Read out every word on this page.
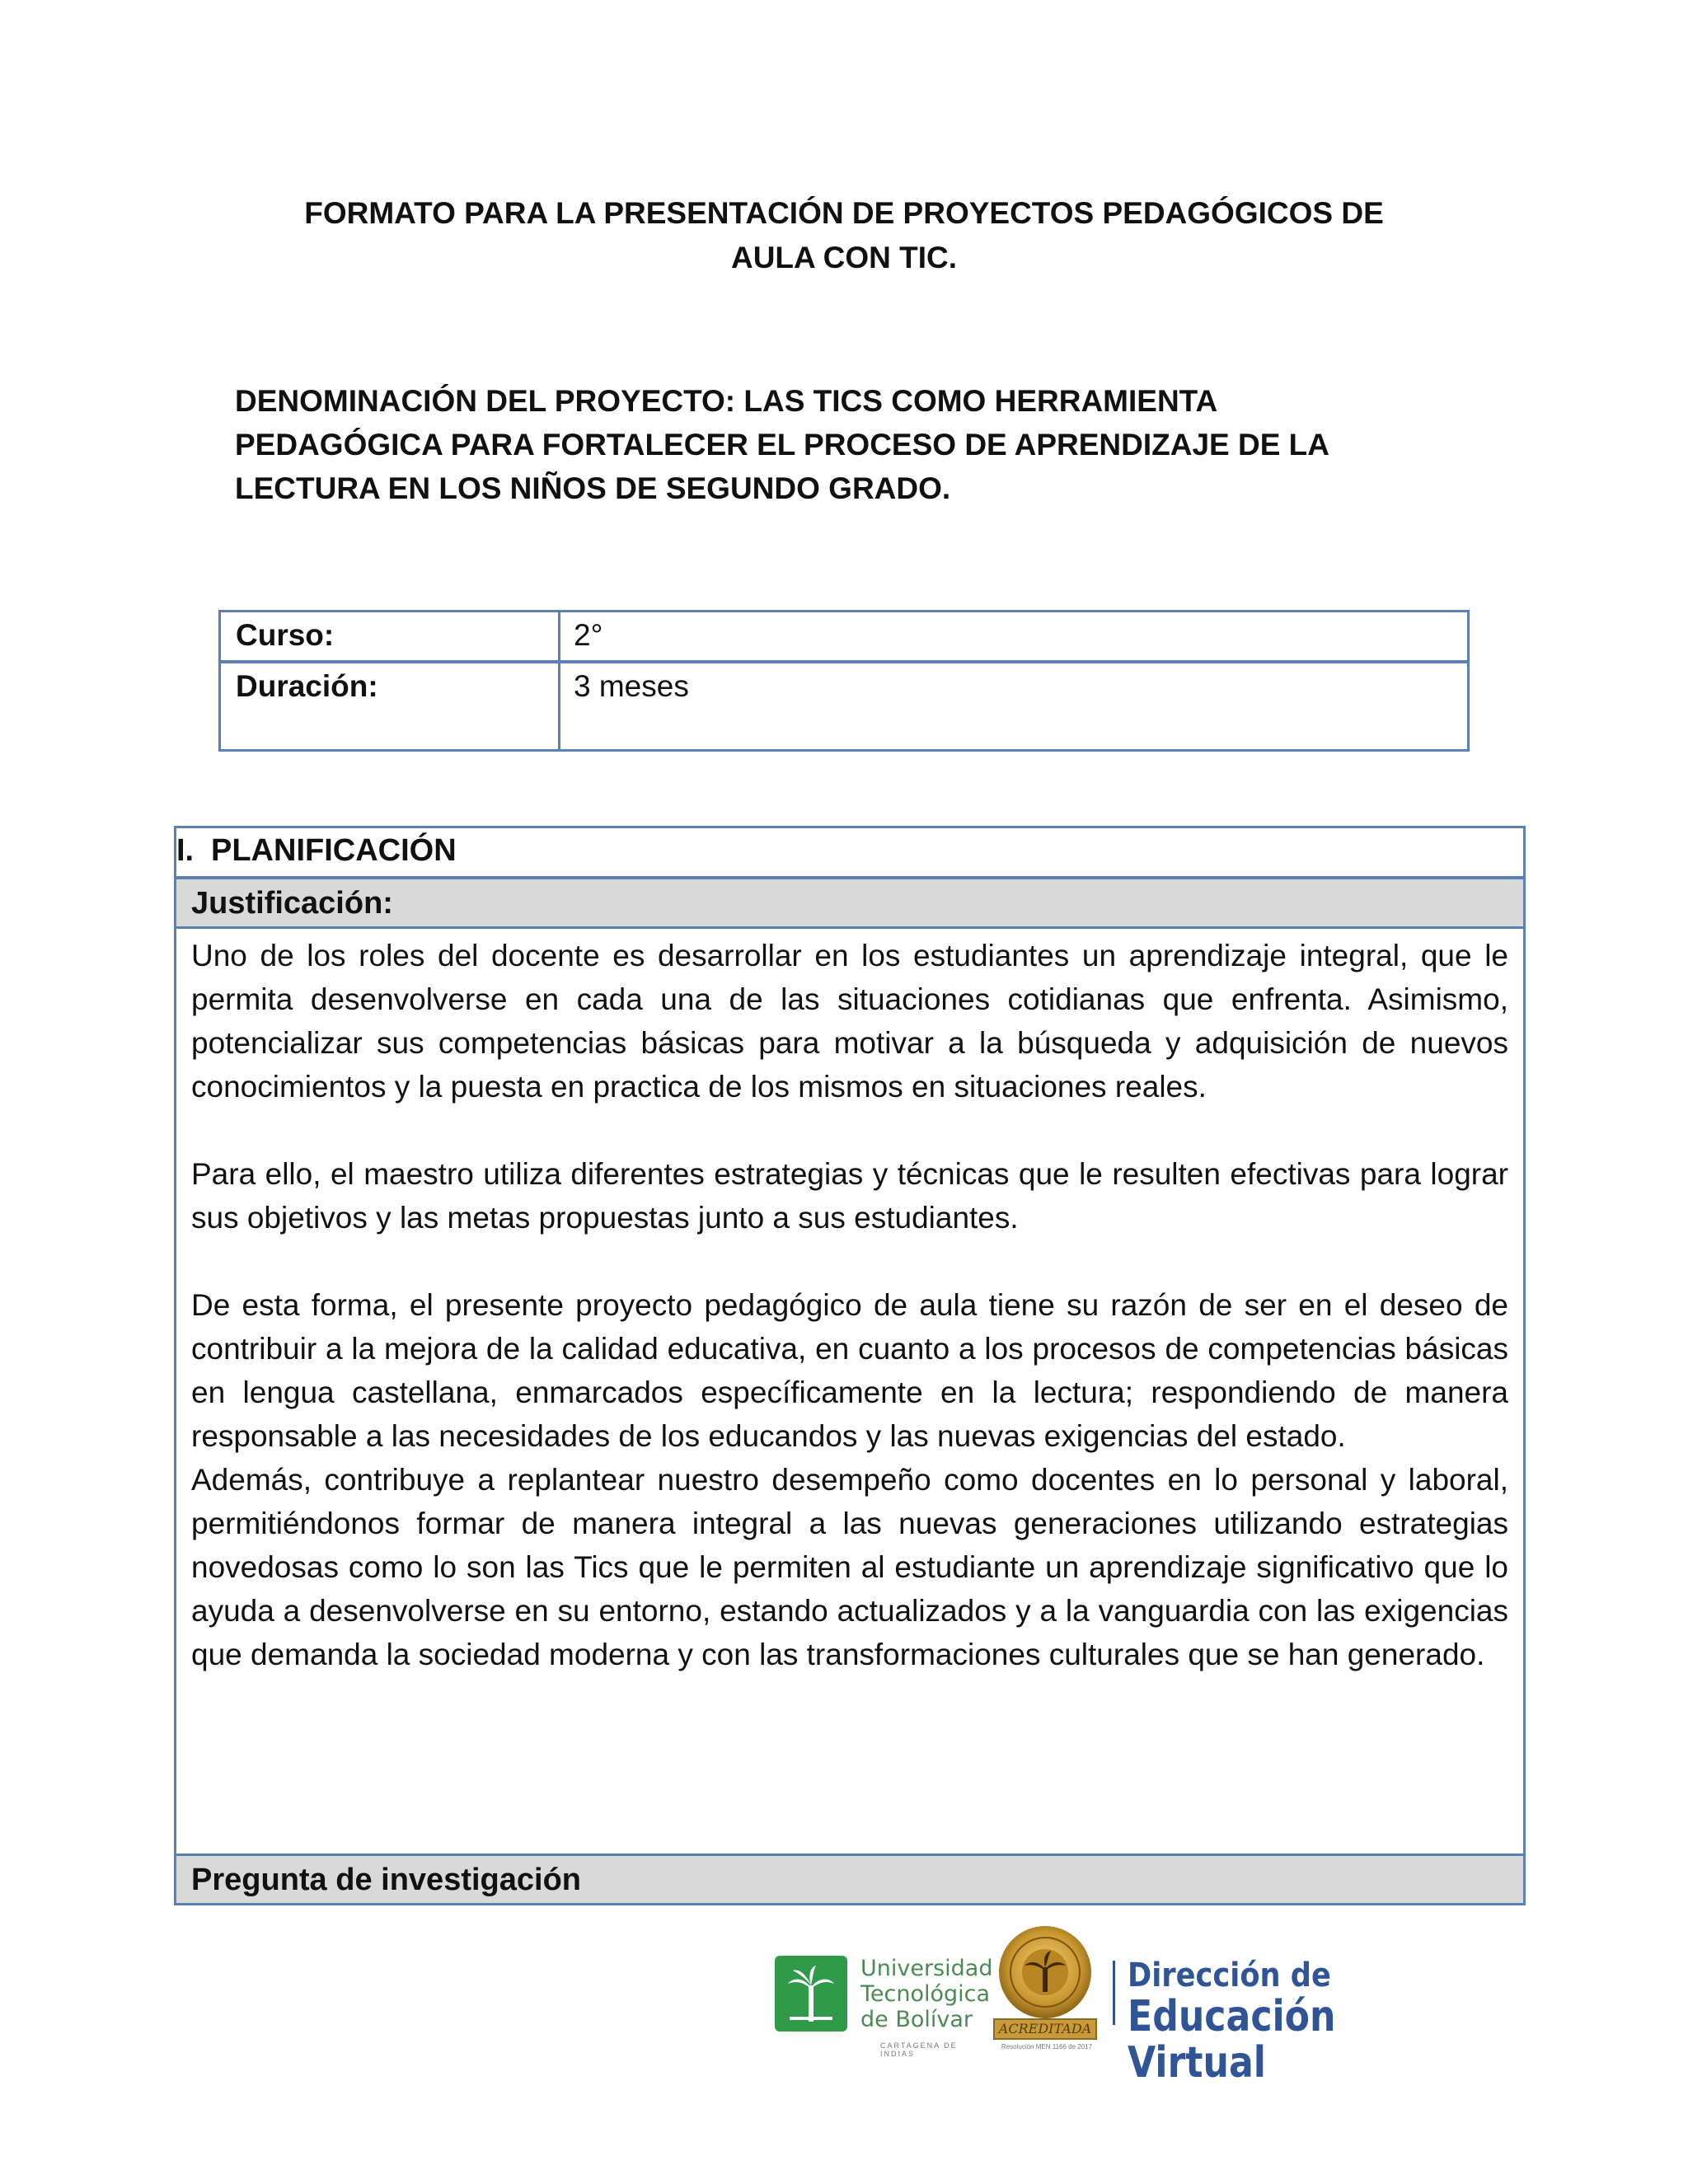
FORMATO PARA LA PRESENTACIÓN DE PROYECTOS PEDAGÓGICOS DE
AULA CON TIC.
DENOMINACIÓN DEL PROYECTO: LAS TICS COMO HERRAMIENTA
PEDAGÓGICA PARA FORTALECER EL PROCESO DE APRENDIZAJE DE LA
LECTURA EN LOS NIÑOS DE SEGUNDO GRADO.
Curso:	2°
Duración:	3 meses
I. PLANIFICACIÓN
Justificación:

Uno de los roles del docente es desarrollar en los estudiantes un aprendizaje integral, que le permita desenvolverse en cada una de las situaciones cotidianas que enfrenta. Asimismo, potencializar sus competencias básicas para motivar a la búsqueda y adquisición de nuevos conocimientos y la puesta en practica de los mismos en situaciones reales.

Para ello, el maestro utiliza diferentes estrategias y técnicas que le resulten efectivas para lograr sus objetivos y las metas propuestas junto a sus estudiantes.

De esta forma, el presente proyecto pedagógico de aula tiene su razón de ser en el deseo de contribuir a la mejora de la calidad educativa, en cuanto a los procesos de competencias básicas en lengua castellana, enmarcados específicamente en la lectura; respondiendo de manera responsable a las necesidades de los educandos y las nuevas exigencias del estado.

Además, contribuye a replantear nuestro desempeño como docentes en lo personal y laboral, permitiéndonos formar de manera integral a las nuevas generaciones utilizando estrategias novedosas como lo son las Tics que le permiten al estudiante un aprendizaje significativo que lo ayuda a desenvolverse en su entorno, estando actualizados y a la vanguardia con las exigencias que demanda la sociedad moderna y con las transformaciones culturales que se han generado.

Pregunta de investigación
Universidad
Tecnológica
de Bolívar
CARTAGENA DE INDIAS
ACREDITADA
Resolución MEN 1166 de 2017
Dirección de
Educación Virtual
